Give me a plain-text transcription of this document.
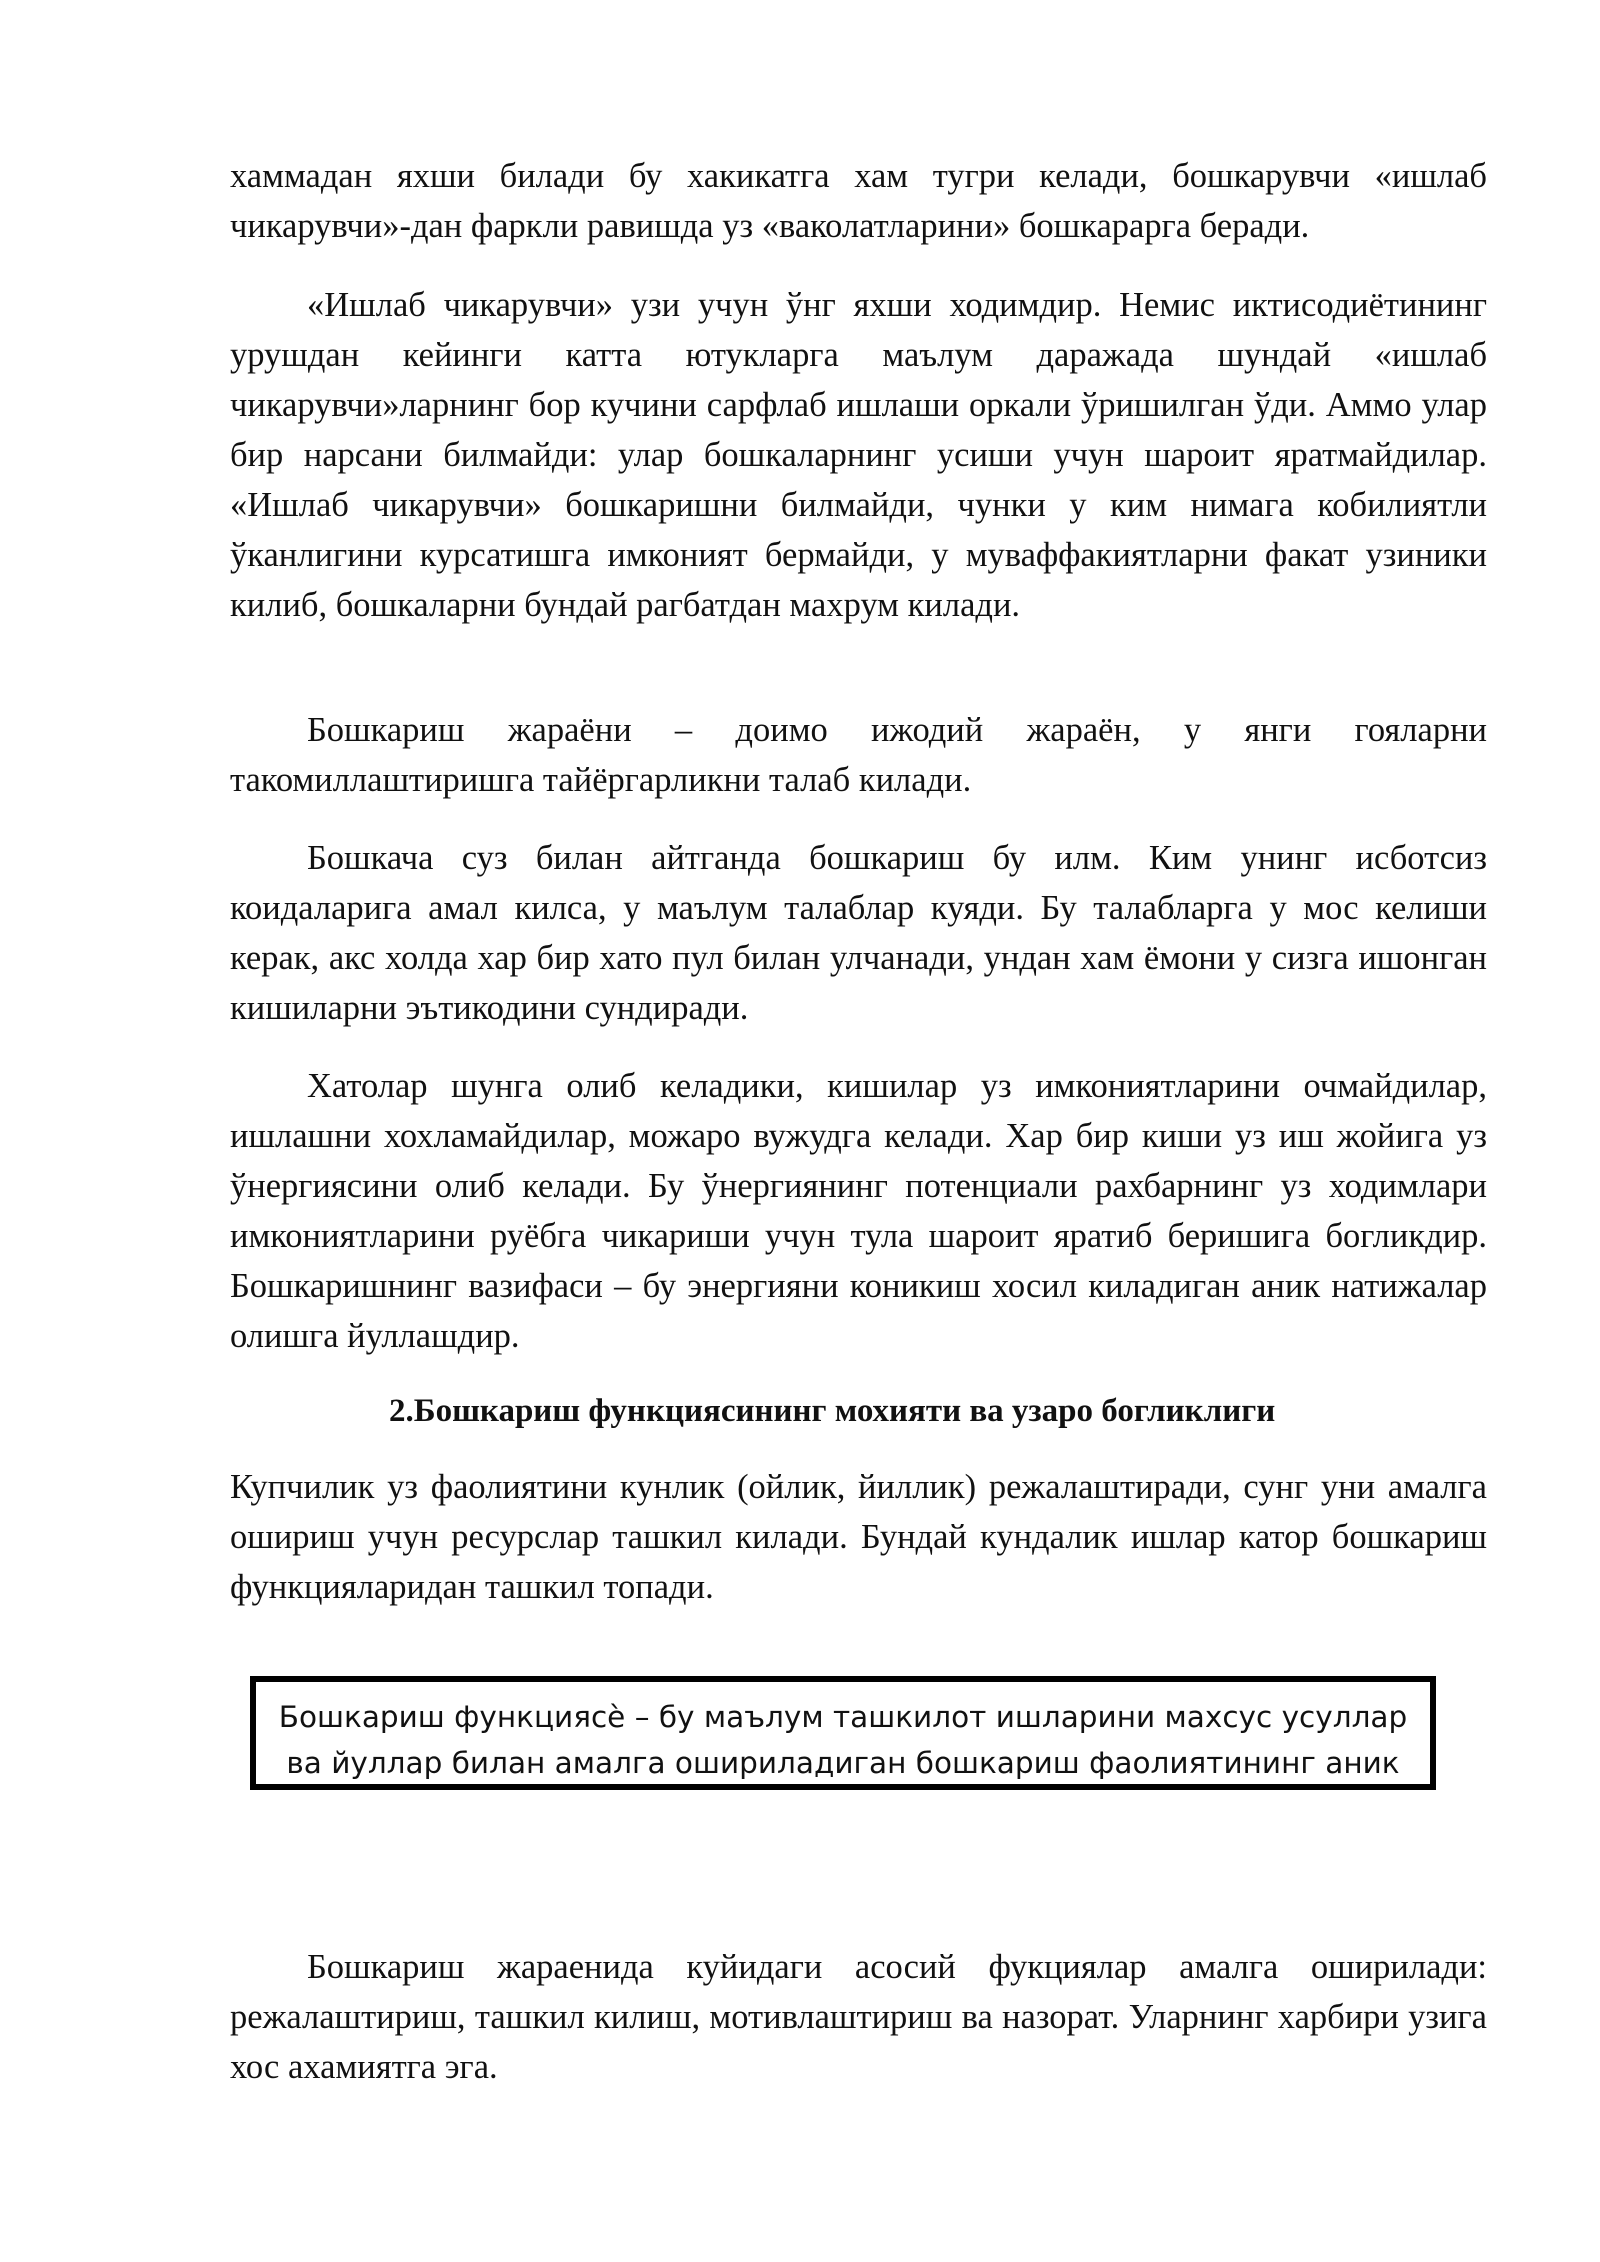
хаммадан яхши билади бу хакикатга хам тугри келади, бошкарувчи «ишлаб чикарувчи»-дан фаркли равишда уз «ваколатларини» бошкараргa беради.

«Ишлаб чикарувчи» узи учун ўнг яхши ходимдир. Немис иктисодиётининг урушдан кейинги катта ютукларга маълум даражада шундай «ишлаб чикарувчи»ларнинг бор кучини сарфлаб ишлаши оркали ўришилган ўди. Аммо улар бир нарсани билмайди: улар бошкаларнинг усиши учун шароит яратмайдилар. «Ишлаб чикарувчи» бошкаришни билмайди, чунки у ким нимага кобилиятли ўканлигини курсатишга имконият бермайди, у муваффакиятларни факат узиники килиб, бошкаларни бундай рагбатдан махрум килади.

Бошкариш жараёни – доимо ижодий жараён, у янги гояларни такомиллаштиришга тайёргарликни талаб килади.

Бошкача суз билан айтганда бошкариш бу илм. Ким унинг исботсиз коидаларига амал килса, у маълум талаблар куяди. Бу талабларга у мос келиши керак, акс холда хар бир хато пул билан улчанади, ундан хам ёмони у сизга ишонган кишиларни эътикодини сундиради.

Хатолар шунга олиб келадики, кишилар уз имкониятларини очмайдилар, ишлашни хохламайдилар, можаро вужудга келади. Хар бир киши уз иш жойига уз ўнергиясини олиб келади. Бу ўнергиянинг потенциали рахбарнинг уз ходимлари имкониятларини руёбга чикариши учун тула шароит яратиб беришига богликдир. Бошкаришнинг вазифаси – бу энергияни коникиш хосил киладиган аник натижалар олишга йуллашдир.

2.Бошкариш функциясининг мохияти ва узаро богликлиги

Купчилик уз фаолиятини кунлик (ойлик, йиллик) режалаштиради, сунг уни амалга ошириш учун ресурслар ташкил килади. Бундай кундалик ишлар катор бошкариш функцияларидан ташкил топади.

Бошкариш функциясѐ – бу маълум ташкилот ишларини махсус усуллар ва йуллар билан амалга ошириладиган бошкариш фаолиятининг аник

Бошкариш жараенида куйидаги асосий фукциялар амалга оширилади: режалаштириш, ташкил килиш, мотивлаштириш ва назорат. Уларнинг харбири узига хос ахамиятга эга.
